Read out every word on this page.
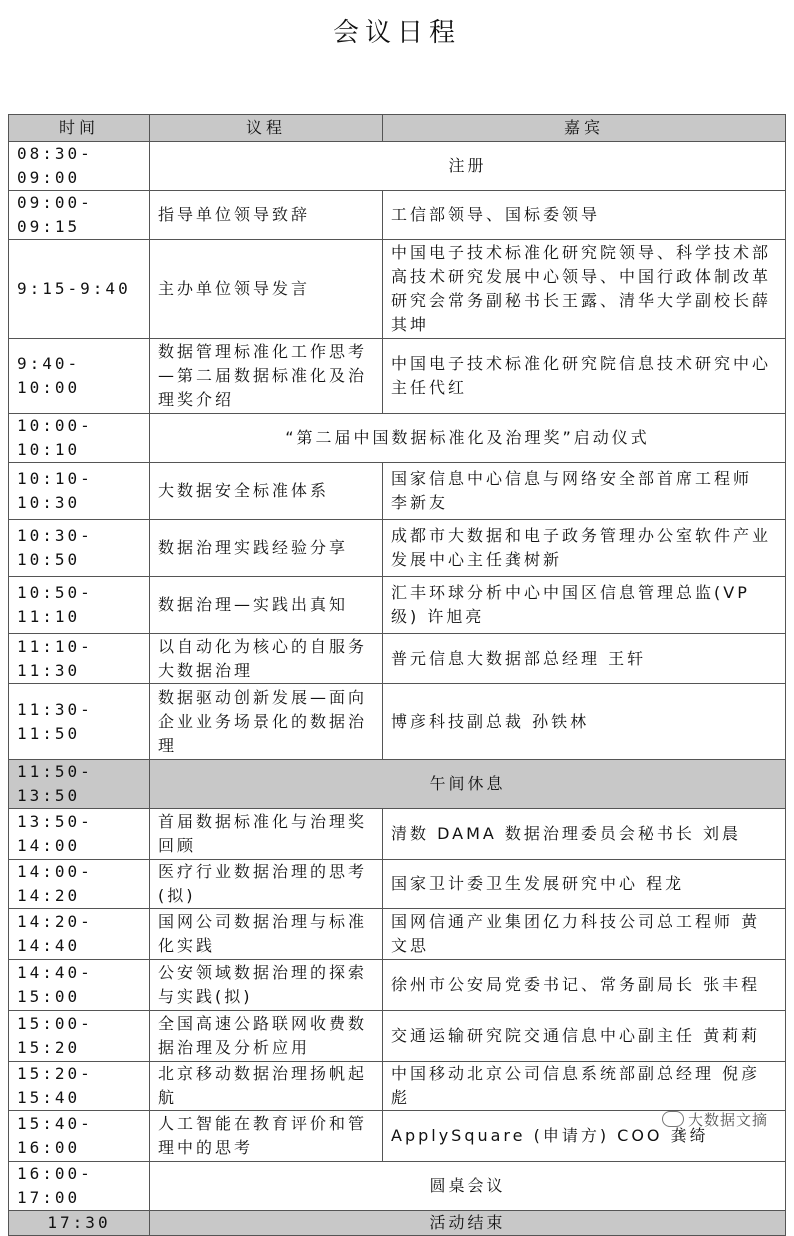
会议日程
时间	议程	嘉宾
08:30-09:00	注册	
09:00-09:15	指导单位领导致辞	工信部领导、国标委领导
9:15-9:40	主办单位领导发言	中国电子技术标准化研究院领导、科学技术部高技术研究发展中心领导、中国行政体制改革研究会常务副秘书长王露、清华大学副校长薛其坤
9:40-10:00	数据管理标准化工作思考—第二届数据标准化及治理奖介绍	中国电子技术标准化研究院信息技术研究中心主任代红
10:00-10:10	“第二届中国数据标准化及治理奖”启动仪式	
10:10-10:30	大数据安全标准体系	国家信息中心信息与网络安全部首席工程师 李新友
10:30-10:50	数据治理实践经验分享	成都市大数据和电子政务管理办公室软件产业发展中心主任龚树新
10:50-11:10	数据治理—实践出真知	汇丰环球分析中心中国区信息管理总监(VP级) 许旭亮
11:10-11:30	以自动化为核心的自服务大数据治理	普元信息大数据部总经理 王轩
11:30-11:50	数据驱动创新发展—面向企业业务场景化的数据治理	博彦科技副总裁 孙铁林
11:50-13:50	午间休息	
13:50-14:00	首届数据标准化与治理奖回顾	清数 DAMA 数据治理委员会秘书长 刘晨
14:00-14:20	医疗行业数据治理的思考(拟)	国家卫计委卫生发展研究中心 程龙
14:20-14:40	国网公司数据治理与标准化实践	国网信通产业集团亿力科技公司总工程师 黄文思
14:40-15:00	公安领域数据治理的探索与实践(拟)	徐州市公安局党委书记、常务副局长 张丰程
15:00-15:20	全国高速公路联网收费数据治理及分析应用	交通运输研究院交通信息中心副主任 黄莉莉
15:20-15:40	北京移动数据治理扬帆起航	中国移动北京公司信息系统部副总经理 倪彦彪
15:40-16:00	人工智能在教育评价和管理中的思考	ApplySquare (申请方) COO 龚绮
16:00-17:00	圆桌会议	
17:30	活动结束	
大数据文摘
